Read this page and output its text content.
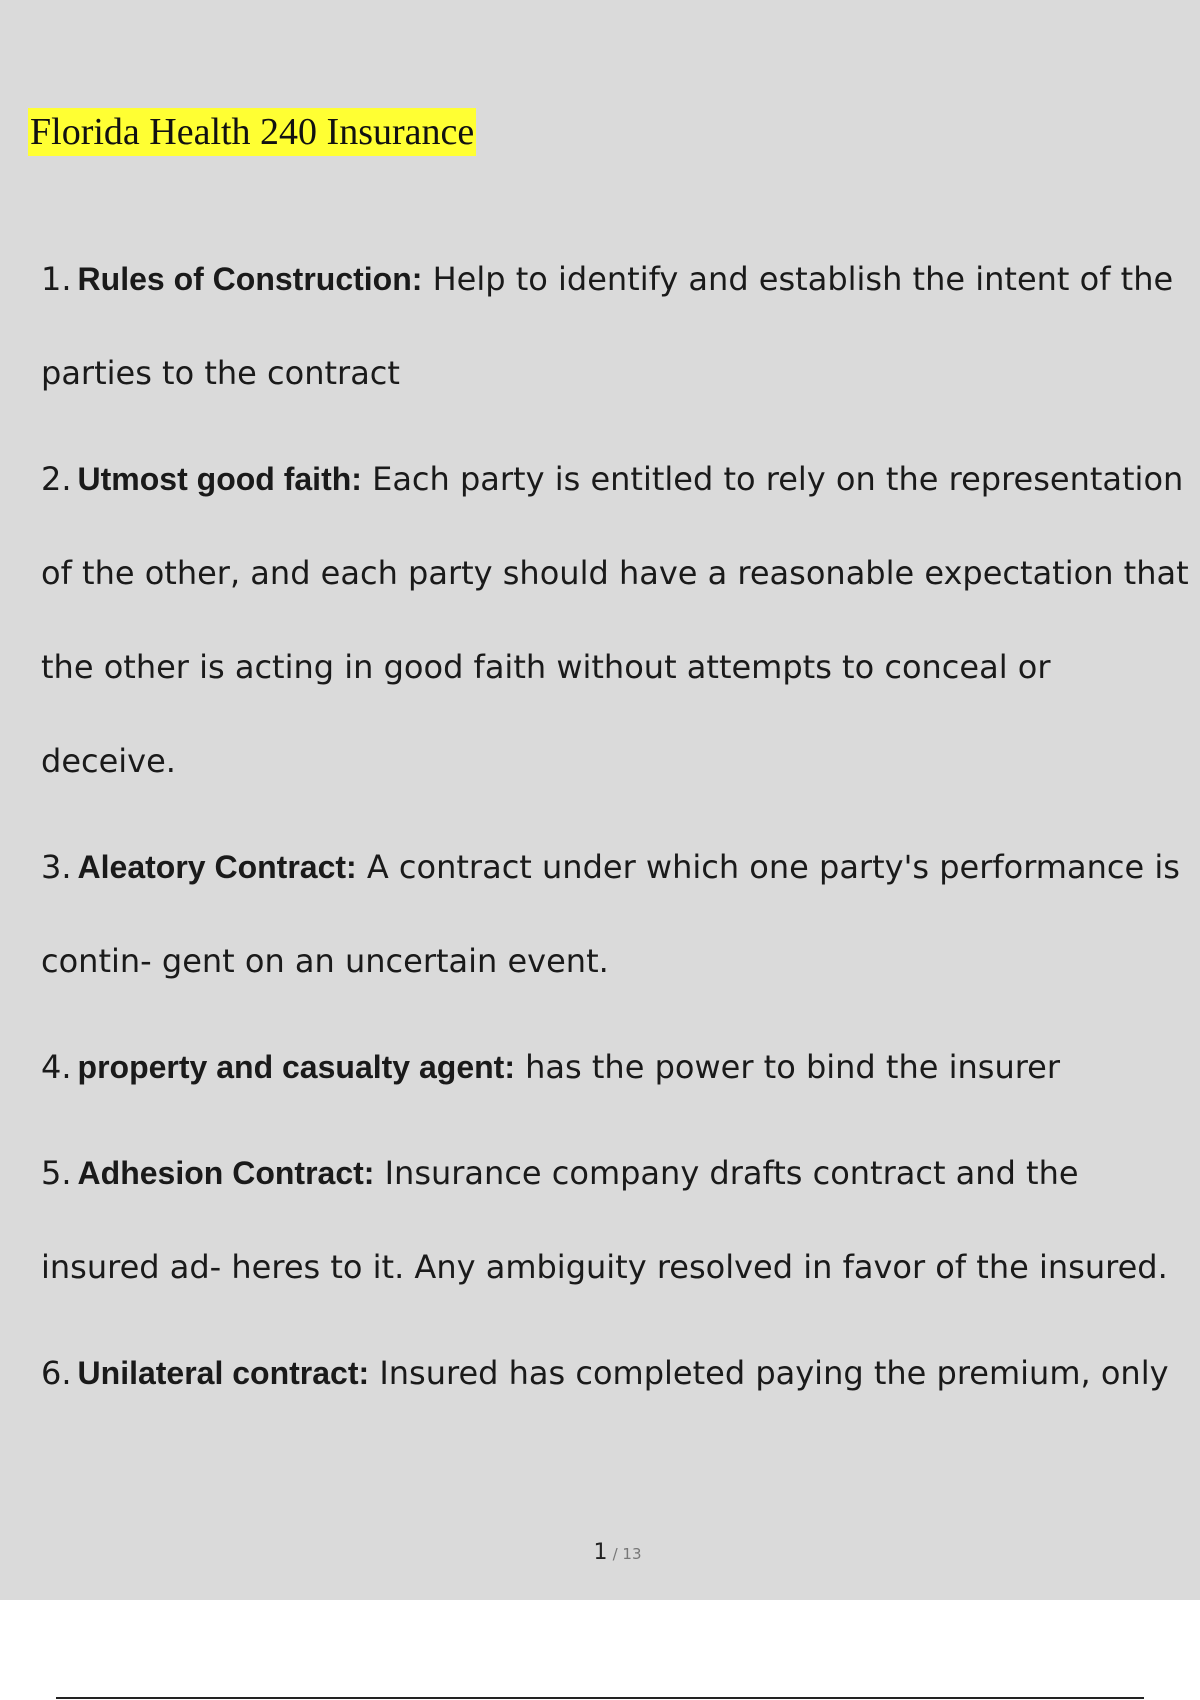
Florida Health 240 Insurance
1. Rules of Construction: Help to identify and establish the intent of the parties to the contract
2. Utmost good faith: Each party is entitled to rely on the representation of the other, and each party should have a reasonable expectation that the other is acting in good faith without attempts to conceal or deceive.
3. Aleatory Contract: A contract under which one party's performance is contin- gent on an uncertain event.
4. property and casualty agent: has the power to bind the insurer
5. Adhesion Contract: Insurance company drafts contract and the insured ad- heres to it. Any ambiguity resolved in favor of the insured.
6. Unilateral contract: Insured has completed paying the premium, only
1 / 13
